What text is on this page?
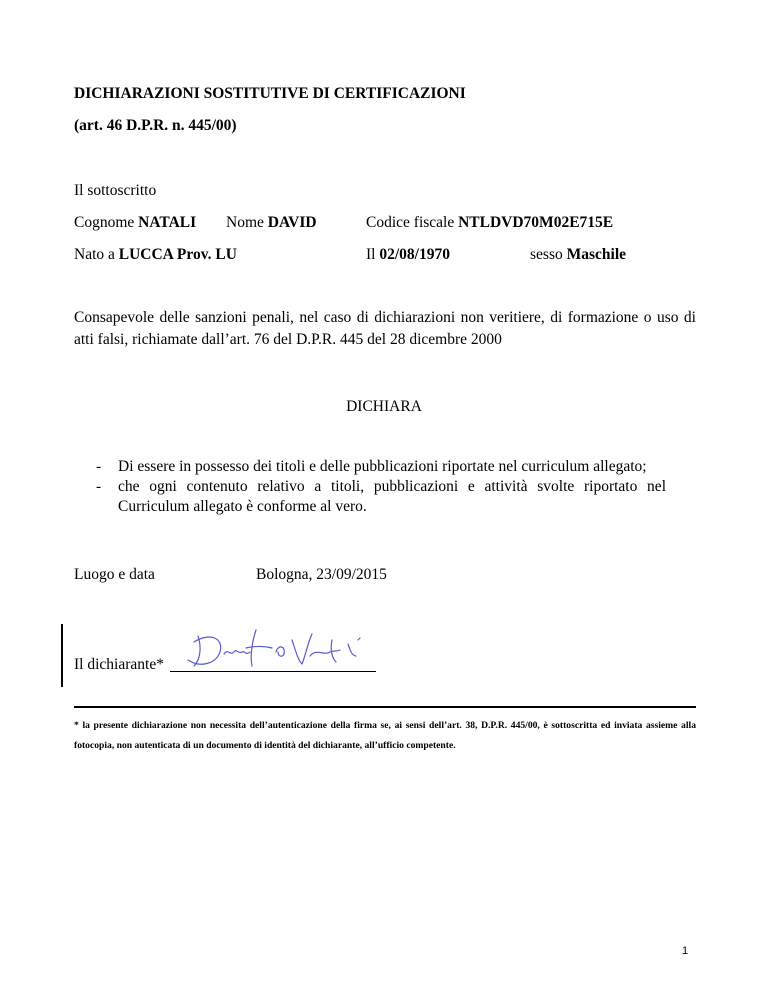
DICHIARAZIONI SOSTITUTIVE DI CERTIFICAZIONI
(art. 46 D.P.R. n. 445/00)
Il sottoscritto
Cognome NATALI Nome DAVID	Codice fiscale NTLDVD70M02E715E
Nato a LUCCA Prov. LU	Il 02/08/1970	sesso Maschile
Consapevole delle sanzioni penali, nel caso di dichiarazioni non veritiere, di formazione o uso di atti falsi, richiamate dall’art. 76 del D.P.R. 445 del 28 dicembre 2000
DICHIARA
- Di essere in possesso dei titoli e delle pubblicazioni riportate nel curriculum allegato;
- che ogni contenuto relativo a titoli, pubblicazioni e attività svolte riportato nel Curriculum allegato è conforme al vero.
Luogo e data	Bologna, 23/09/2015
Il dichiarante*
* la presente dichiarazione non necessita dell’autenticazione della firma se, ai sensi dell’art. 38, D.P.R. 445/00, è sottoscritta ed inviata assieme alla fotocopia, non autenticata di un documento di identità del dichiarante, all’ufficio competente.
1
